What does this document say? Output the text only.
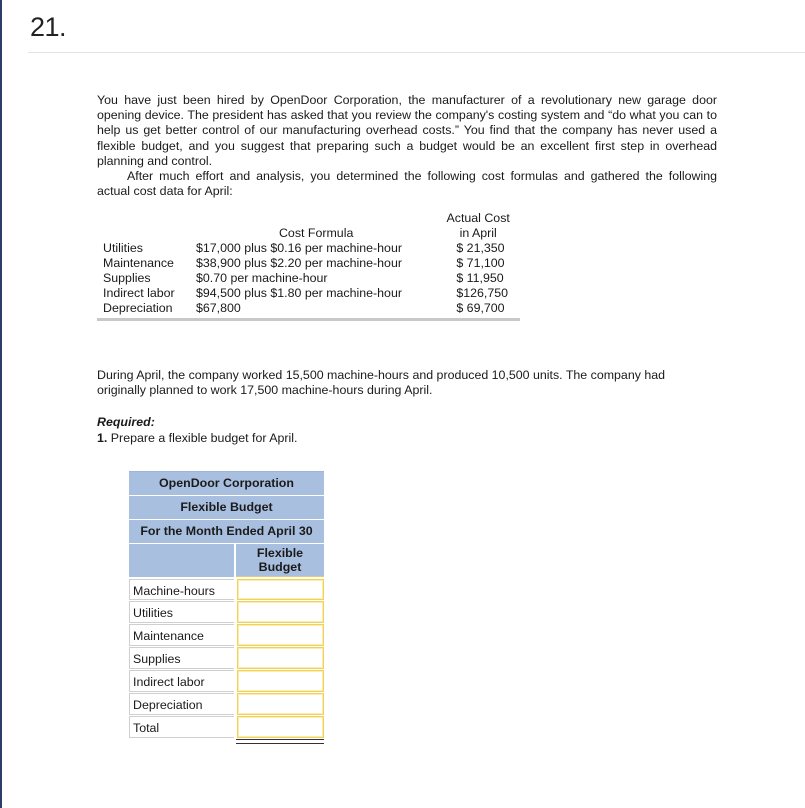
21.

You have just been hired by OpenDoor Corporation, the manufacturer of a revolutionary new garage door opening device. The president has asked that you review the company's costing system and “do what you can to help us get better control of our manufacturing overhead costs.” You find that the company has never used a flexible budget, and you suggest that preparing such a budget would be an excellent first step in overhead planning and control.

After much effort and analysis, you determined the following cost formulas and gathered the following actual cost data for April:

	Cost Formula	Actual Cost
in April

Utilities	$17,000 plus $0.16 per machine-hour	$ 21,350
Maintenance	$38,900 plus $2.20 per machine-hour	$ 71,100
Supplies	$0.70 per machine-hour	$ 11,950
Indirect labor	$94,500 plus $1.80 per machine-hour	$126,750
Depreciation	$67,800	$ 69,700
During April, the company worked 15,500 machine-hours and produced 10,500 units. The company had originally planned to work 17,500 machine-hours during April.
Required:
1. Prepare a flexible budget for April.
OpenDoor Corporation
Flexible Budget
For the Month Ended April 30
Flexible
Budget
Machine-hours
Utilities
Maintenance
Supplies
Indirect labor
Depreciation
Total
